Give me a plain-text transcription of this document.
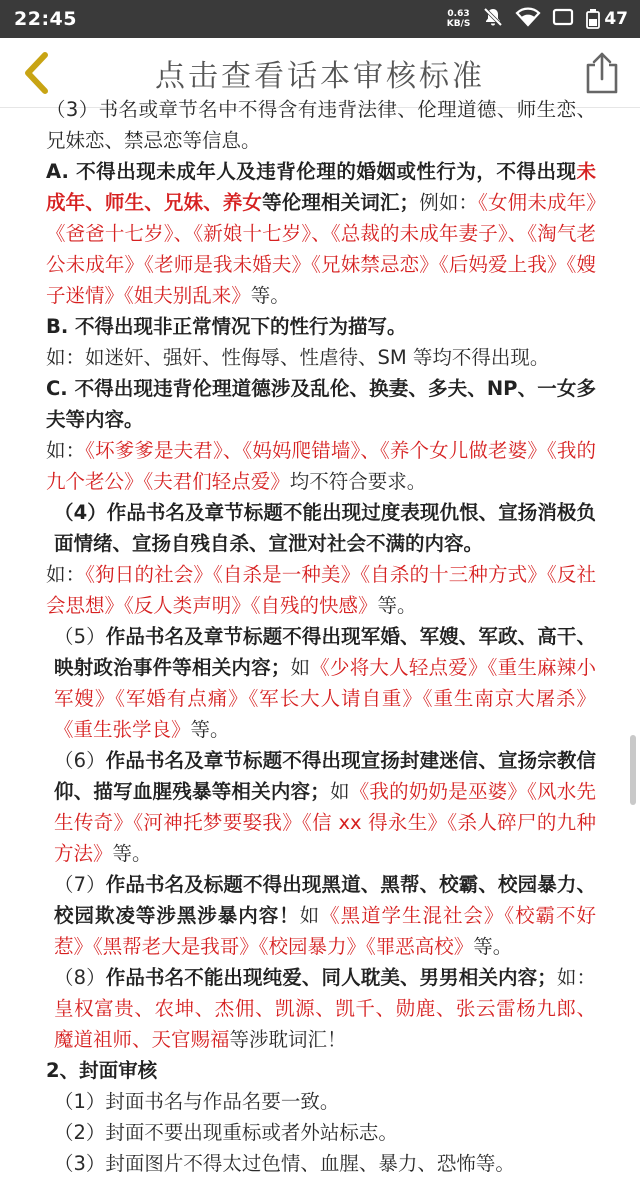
22:45	0.63
KB/S	47
点击查看话本审核标准

（3）书名或章节名中不得含有违背法律、伦理道德、师生恋、兄妹恋、禁忌恋等信息。

A. 不得出现未成年人及违背伦理的婚姻或性行为，不得出现未成年、师生、兄妹、养女等伦理相关词汇；例如：《女佣未成年》《爸爸十七岁》、《新娘十七岁》、《总裁的未成年妻子》、《淘气老公未成年》《老师是我未婚夫》《兄妹禁忌恋》《后妈爱上我》《嫂子迷情》《姐夫别乱来》等。

B. 不得出现非正常情况下的性行为描写。

如：如迷奸、强奸、性侮辱、性虐待、SM 等均不得出现。

C. 不得出现违背伦理道德涉及乱伦、换妻、多夫、NP、一女多夫等内容。

如：《坏爹爹是夫君》、《妈妈爬错墙》、《养个女儿做老婆》《我的九个老公》《夫君们轻点爱》均不符合要求。

（4）作品书名及章节标题不能出现过度表现仇恨、宣扬消极负面情绪、宣扬自残自杀、宣泄对社会不满的内容。

如：《狗日的社会》《自杀是一种美》《自杀的十三种方式》《反社会思想》《反人类声明》《自残的快感》等。

（5）作品书名及章节标题不得出现军婚、军嫂、军政、高干、映射政治事件等相关内容；如《少将大人轻点爱》《重生麻辣小军嫂》《军婚有点痛》《军长大人请自重》《重生南京大屠杀》《重生张学良》等。

（6）作品书名及章节标题不得出现宣扬封建迷信、宣扬宗教信仰、描写血腥残暴等相关内容；如《我的奶奶是巫婆》《风水先生传奇》《河神托梦要娶我》《信 xx 得永生》《杀人碎尸的九种方法》等。

（7）作品书名及标题不得出现黑道、黑帮、校霸、校园暴力、校园欺凌等涉黑涉暴内容！如《黑道学生混社会》《校霸不好惹》《黑帮老大是我哥》《校园暴力》《罪恶高校》等。

（8）作品书名不能出现纯爱、同人耽美、男男相关内容；如：皇权富贵、农坤、杰佣、凯源、凯千、勋鹿、张云雷杨九郎、魔道祖师、天官赐福等涉耽词汇！

2、封面审核

（1）封面书名与作品名要一致。

（2）封面不要出现重标或者外站标志。

（3）封面图片不得太过色情、血腥、暴力、恐怖等。
